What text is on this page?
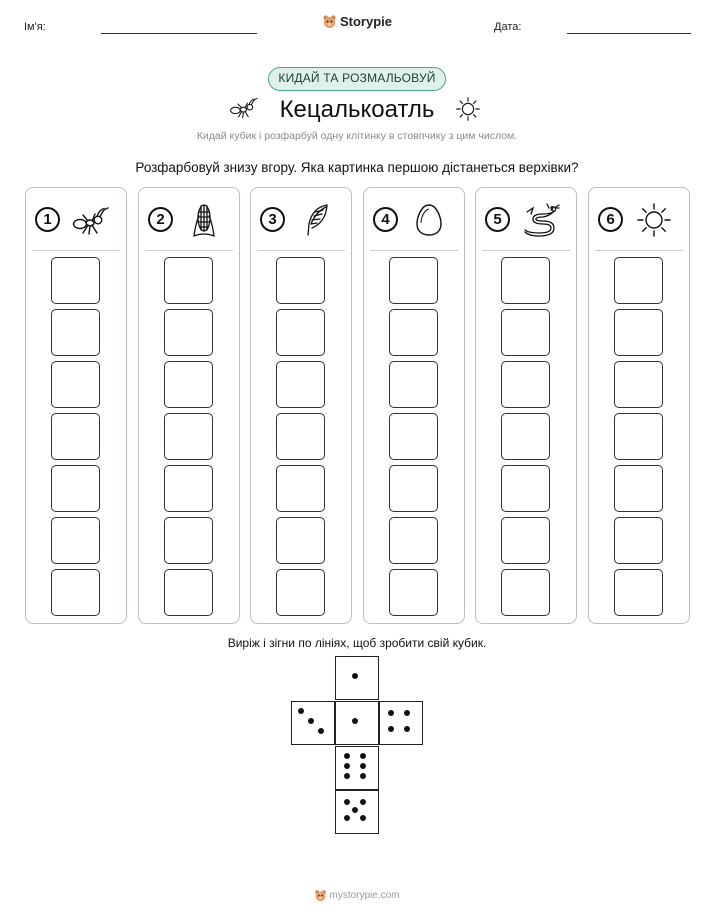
Ім'я:	Storypie	Дата:
КИДАЙ ТА РОЗМАЛЬОВУЙ
Кецалькоатль
Кидай кубик і розфарбуй одну клітинку в стовпчику з цим числом.
Розфарбовуй знизу вгору. Яка картинка першою дістанеться верхівки?
1	2	3	4	5	6
Виріж і зігни по лініях, щоб зробити свій кубик.
mystorypie.com
